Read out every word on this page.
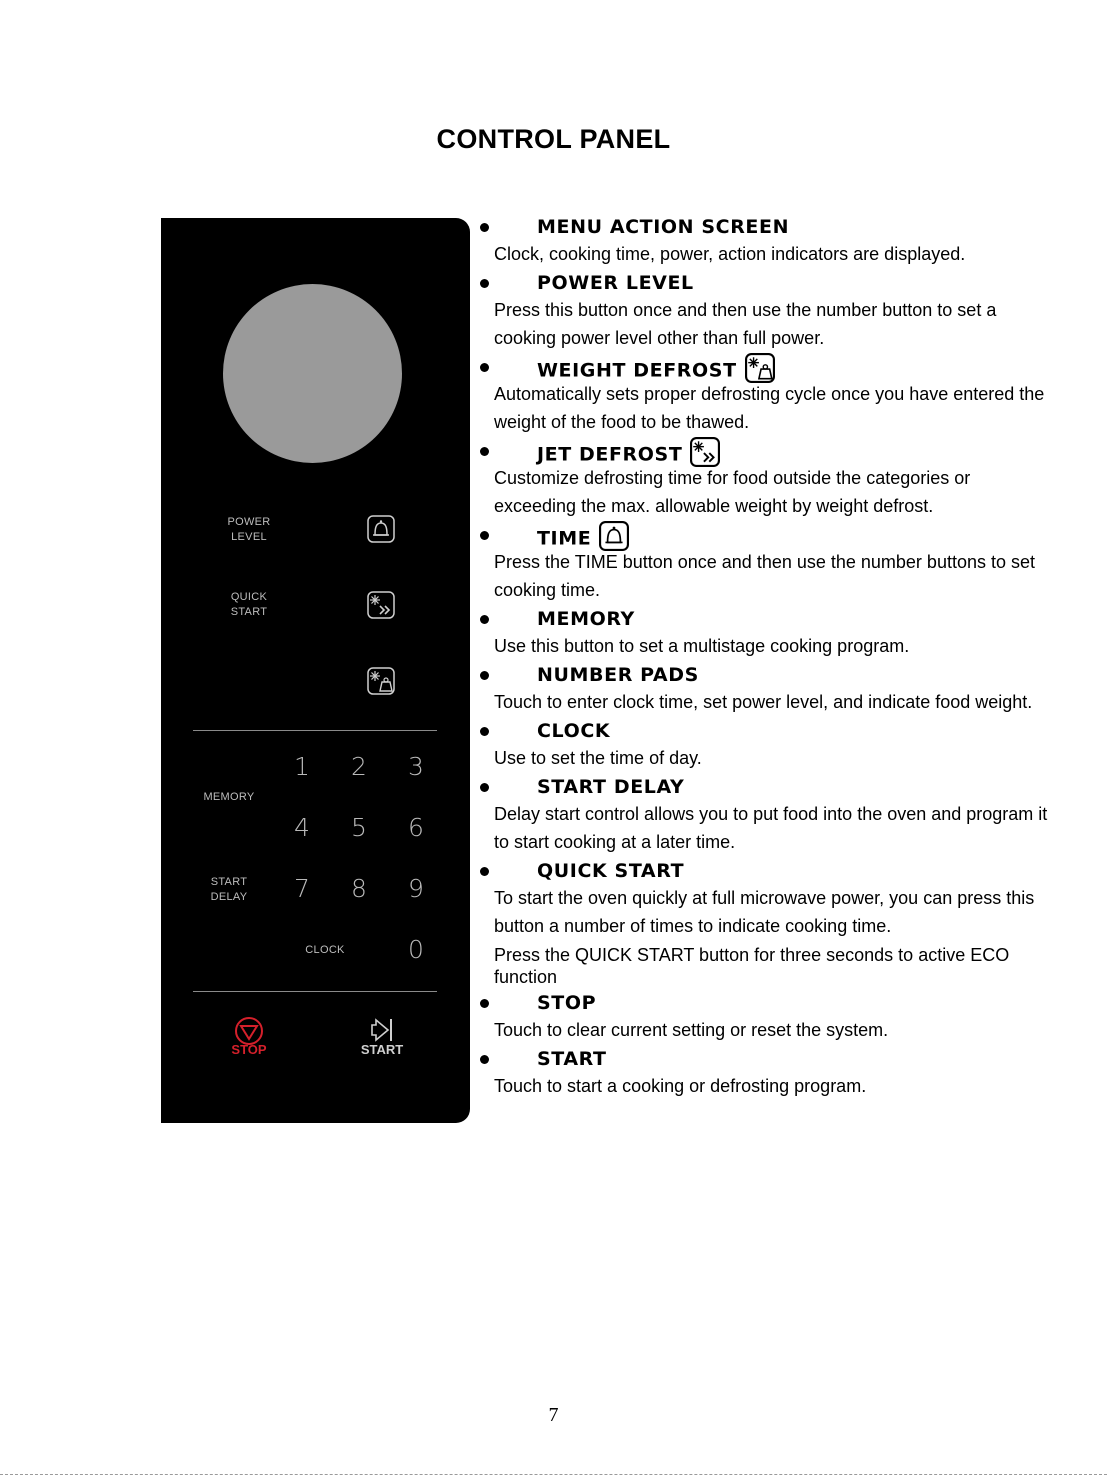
CONTROL PANEL
POWER
LEVEL
QUICK
START
1 2 3
MEMORY
4 5 6
START
DELAY	7 8 9
CLOCK	0
STOP	START
MENU ACTION SCREEN
Clock, cooking time, power, action indicators are displayed.
POWER LEVEL
Press this button once and then use the number button to set a cooking power level other than full power.
WEIGHT DEFROST
Automatically sets proper defrosting cycle once you have entered the weight of the food to be thawed.
JET DEFROST
Customize defrosting time for food outside the categories or exceeding the max. allowable weight by weight defrost.
TIME
Press the TIME button once and then use the number buttons to set cooking time.
MEMORY
Use this button to set a multistage cooking program.
NUMBER PADS
Touch to enter clock time, set power level, and indicate food weight.
CLOCK
Use to set the time of day.
START DELAY
Delay start control allows you to put food into the oven and program it to start cooking at a later time.
QUICK START
To start the oven quickly at full microwave power, you can press this button a number of times to indicate cooking time.
Press the QUICK START button for three seconds to active ECO function
STOP
Touch to clear current setting or reset the system.
START
Touch to start a cooking or defrosting program.
7
